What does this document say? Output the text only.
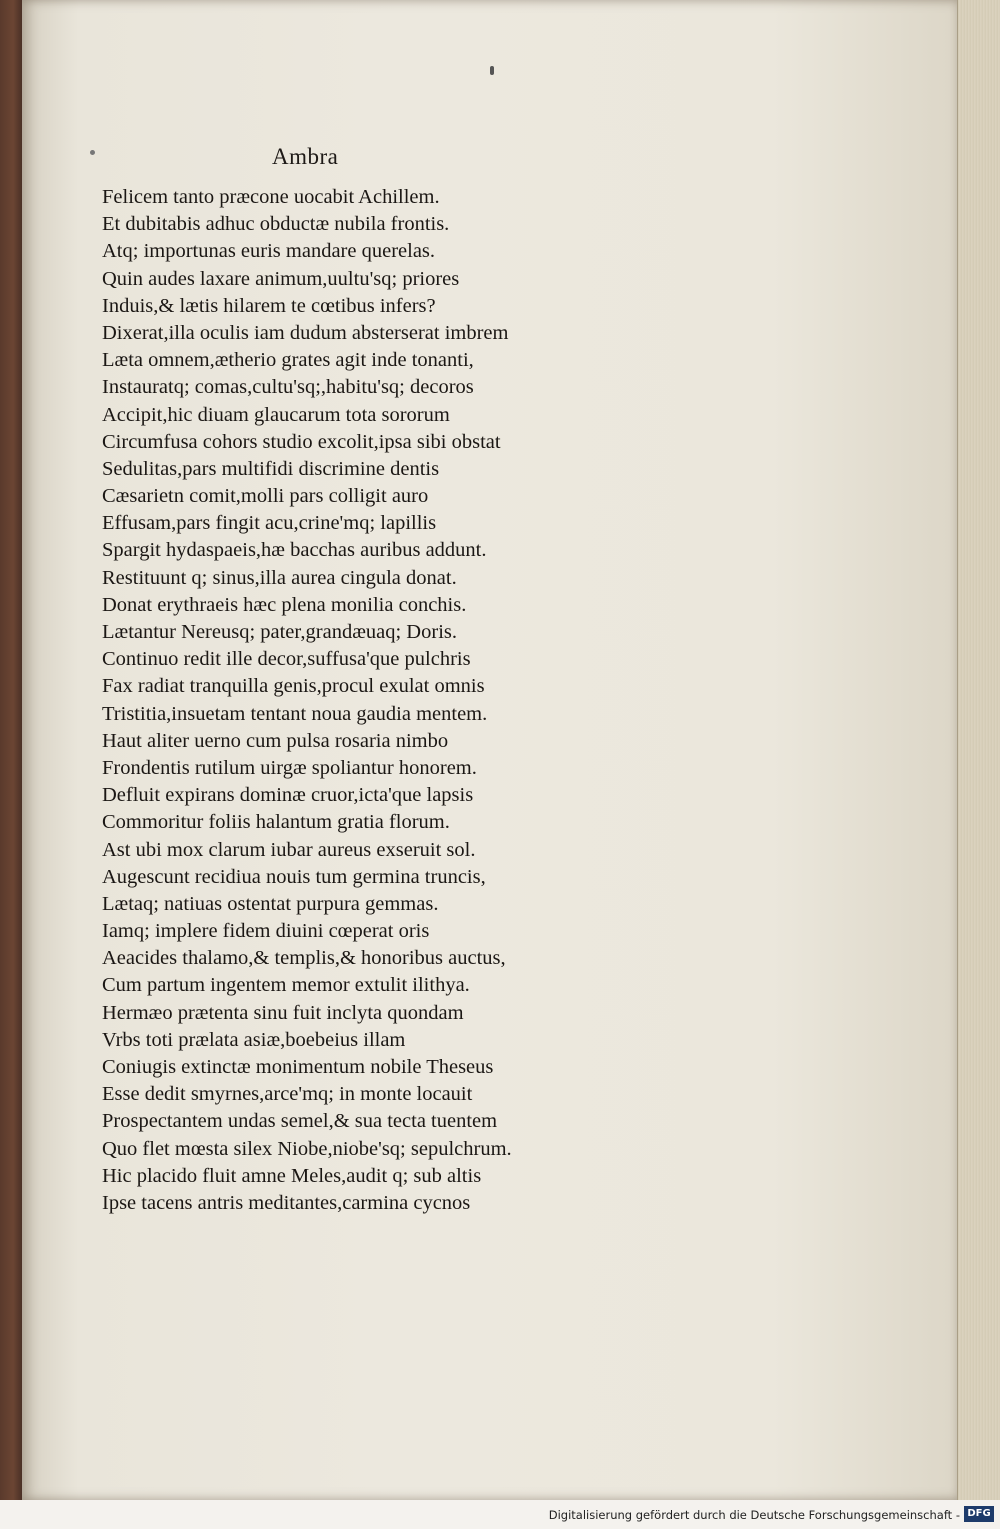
Ambra
Felicem tanto præcone uocabit Achillem.
Et dubitabis adhuc obductæ nubila frontis.
Atq; importunas euris mandare querelas.
Quin audes laxare animum,uultu'sq; priores
Induis,& lætis hilarem te cœtibus infers?
Dixerat,illa oculis iam dudum absterserat imbrem
Læta omnem,ætherio grates agit inde tonanti,
Instauratq; comas,cultu'sq;,habitu'sq; decoros
Accipit,hic diuam glaucarum tota sororum
Circumfusa cohors studio excolit,ipsa sibi obstat
Sedulitas,pars multifidi discrimine dentis
Cæsarietn comit,molli pars colligit auro
Effusam,pars fingit acu,crine'mq; lapillis
Spargit hydaspaeis,hæ bacchas auribus addunt.
Restituunt q; sinus,illa aurea cingula donat.
Donat erythraeis hæc plena monilia conchis.
Lætantur Nereusq; pater,grandæuaq; Doris.
Continuo redit ille decor,suffusa'que pulchris
Fax radiat tranquilla genis,procul exulat omnis
Tristitia,insuetam tentant noua gaudia mentem.
Haut aliter uerno cum pulsa rosaria nimbo
Frondentis rutilum uirgæ spoliantur honorem.
Defluit expirans dominæ cruor,icta'que lapsis
Commoritur foliis halantum gratia florum.
Ast ubi mox clarum iubar aureus exseruit sol.
Augescunt recidiua nouis tum germina truncis,
Lætaq; natiuas ostentat purpura gemmas.
Iamq; implere fidem diuini cœperat oris
Aeacides thalamo,& templis,& honoribus auctus,
Cum partum ingentem memor extulit ilithya.
Hermæo prætenta sinu fuit inclyta quondam
Vrbs toti prælata asiæ,boebeius illam
Coniugis extinctæ monimentum nobile Theseus
Esse dedit smyrnes,arce'mq; in monte locauit
Prospectantem undas semel,& sua tecta tuentem
Quo flet mœsta silex Niobe,niobe'sq; sepulchrum.
Hic placido fluit amne Meles,audit q; sub altis
Ipse tacens antris meditantes,carmina cycnos
Digitalisierung gefördert durch die Deutsche Forschungsgemeinschaft - DFG
